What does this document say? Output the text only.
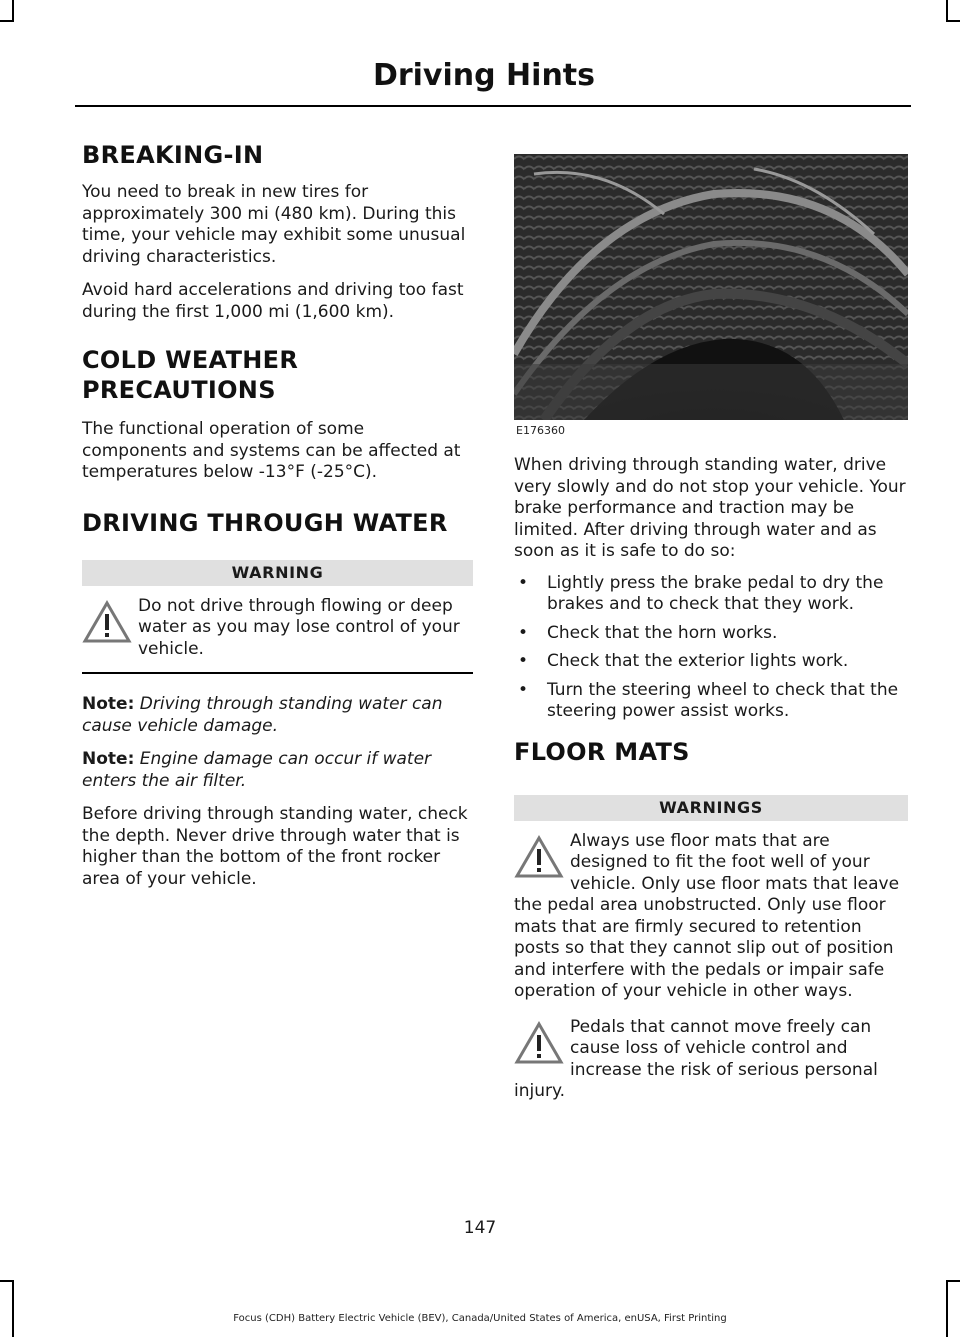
Driving Hints
BREAKING-IN

You need to break in new tires for approximately 300 mi (480 km). During this time, your vehicle may exhibit some unusual driving characteristics.

Avoid hard accelerations and driving too fast during the first 1,000 mi (1,600 km).

COLD WEATHER
PRECAUTIONS

The functional operation of some components and systems can be affected at temperatures below -13°F (-25°C).

DRIVING THROUGH WATER
WARNING

Do not drive through flowing or deep water as you may lose control of your vehicle.

Note: Driving through standing water can cause vehicle damage.

Note: Engine damage can occur if water enters the air filter.

Before driving through standing water, check the depth. Never drive through water that is higher than the bottom of the front rocker area of your vehicle.

E176360

When driving through standing water, drive very slowly and do not stop your vehicle. Your brake performance and traction may be limited. After driving through water and as soon as it is safe to do so:

• Lightly press the brake pedal to dry the brakes and to check that they work.
• Check that the horn works.
• Check that the exterior lights work.
• Turn the steering wheel to check that the steering power assist works.
FLOOR MATS
WARNINGS

Always use floor mats that are designed to fit the foot well of your vehicle. Only use floor mats that leave the pedal area unobstructed. Only use floor mats that are firmly secured to retention posts so that they cannot slip out of position and interfere with the pedals or impair safe operation of your vehicle in other ways.

Pedals that cannot move freely can cause loss of vehicle control and increase the risk of serious personal injury.

147
Focus (CDH) Battery Electric Vehicle (BEV), Canada/United States of America, enUSA, First Printing
